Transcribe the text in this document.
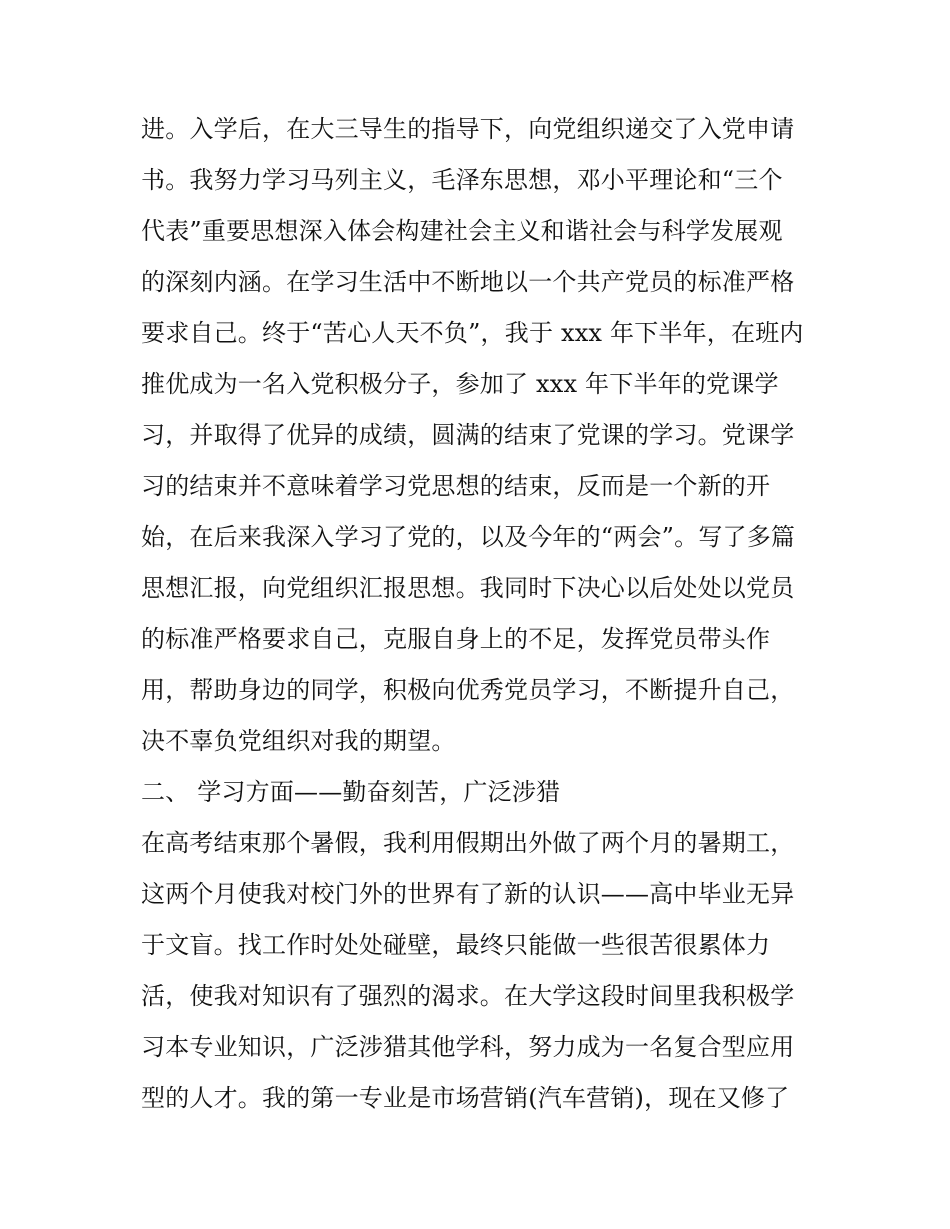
进。入学后，在大三导生的指导下，向党组织递交了入党申请
书。我努力学习马列主义，毛泽东思想，邓小平理论和“三个
代表”重要思想深入体会构建社会主义和谐社会与科学发展观
的深刻内涵。在学习生活中不断地以一个共产党员的标准严格
要求自己。终于“苦心人天不负”，我于 xxx 年下半年，在班内
推优成为一名入党积极分子，参加了 xxx 年下半年的党课学
习，并取得了优异的成绩，圆满的结束了党课的学习。党课学
习的结束并不意味着学习党思想的结束，反而是一个新的开
始，在后来我深入学习了党的，以及今年的“两会”。写了多篇
思想汇报，向党组织汇报思想。我同时下决心以后处处以党员
的标准严格要求自己，克服自身上的不足，发挥党员带头作
用，帮助身边的同学，积极向优秀党员学习，不断提升自己，
决不辜负党组织对我的期望。
二、 学习方面——勤奋刻苦，广泛涉猎
在高考结束那个暑假，我利用假期出外做了两个月的暑期工，
这两个月使我对校门外的世界有了新的认识——高中毕业无异
于文盲。找工作时处处碰壁，最终只能做一些很苦很累体力
活，使我对知识有了强烈的渴求。在大学这段时间里我积极学
习本专业知识，广泛涉猎其他学科，努力成为一名复合型应用
型的人才。我的第一专业是市场营销(汽车营销)，现在又修了
